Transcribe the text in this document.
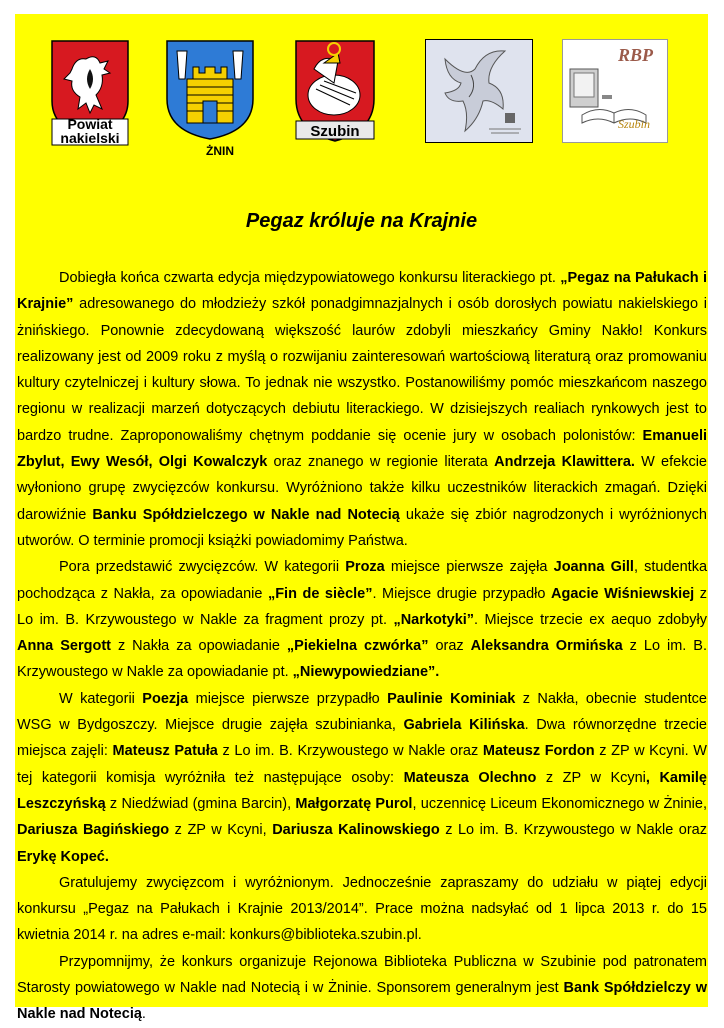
Powiat
nakielski
ŻNIN
Szubin
RBP
Szubin
Pegaz króluje na Krajnie

Dobiegła końca czwarta edycja międzypowiatowego konkursu literackiego pt. „Pegaz na Pałukach i Krajnie” adresowanego do młodzieży szkół ponadgimnazjalnych i osób dorosłych powiatu nakielskiego i żnińskiego. Ponownie zdecydowaną większość laurów zdobyli mieszkańcy Gminy Nakło! Konkurs realizowany jest od 2009 roku z myślą o rozwijaniu zainteresowań wartościową literaturą oraz promowaniu kultury czytelniczej i kultury słowa. To jednak nie wszystko. Postanowiliśmy pomóc mieszkańcom naszego regionu w realizacji marzeń dotyczących debiutu literackiego. W dzisiejszych realiach rynkowych jest to bardzo trudne. Zaproponowaliśmy chętnym poddanie się ocenie jury w osobach polonistów: Emanueli Zbylut, Ewy Wesół, Olgi Kowalczyk oraz znanego w regionie literata Andrzeja Klawittera. W efekcie wyłoniono grupę zwycięzców konkursu. Wyróżniono także kilku uczestników literackich zmagań. Dzięki darowiźnie Banku Spółdzielczego w Nakle nad Notecią ukaże się zbiór nagrodzonych i wyróżnionych utworów. O terminie promocji książki powiadomimy Państwa.

Pora przedstawić zwycięzców. W kategorii Proza miejsce pierwsze zajęła Joanna Gill, studentka pochodząca z Nakła, za opowiadanie „Fin de siècle”. Miejsce drugie przypadło Agacie Wiśniewskiej z Lo im. B. Krzywoustego w Nakle za fragment prozy pt. „Narkotyki”. Miejsce trzecie ex aequo zdobyły Anna Sergott z Nakła za opowiadanie „Piekielna czwórka” oraz Aleksandra Ormińska z Lo im. B. Krzywoustego w Nakle za opowiadanie pt. „Niewypowiedziane”.

W kategorii Poezja miejsce pierwsze przypadło Paulinie Kominiak z Nakła, obecnie studentce WSG w Bydgoszczy. Miejsce drugie zajęła szubinianka, Gabriela Kilińska. Dwa równorzędne trzecie miejsca zajęli: Mateusz Patuła z Lo im. B. Krzywoustego w Nakle oraz Mateusz Fordon z ZP w Kcyni. W tej kategorii komisja wyróżniła też następujące osoby: Mateusza Olechno z ZP w Kcyni, Kamilę Leszczyńską z Niedźwiad (gmina Barcin), Małgorzatę Purol, uczennicę Liceum Ekonomicznego w Żninie, Dariusza Bagińskiego z ZP w Kcyni, Dariusza Kalinowskiego z Lo im. B. Krzywoustego w Nakle oraz Erykę Kopeć.

Gratulujemy zwycięzcom i wyróżnionym. Jednocześnie zapraszamy do udziału w piątej edycji konkursu „Pegaz na Pałukach i Krajnie 2013/2014”. Prace można nadsyłać od 1 lipca 2013 r. do 15 kwietnia 2014 r. na adres e-mail: konkurs@biblioteka.szubin.pl.

Przypomnijmy, że konkurs organizuje Rejonowa Biblioteka Publiczna w Szubinie pod patronatem Starosty powiatowego w Nakle nad Notecią i w Żninie. Sponsorem generalnym jest Bank Spółdzielczy w Nakle nad Notecią.
